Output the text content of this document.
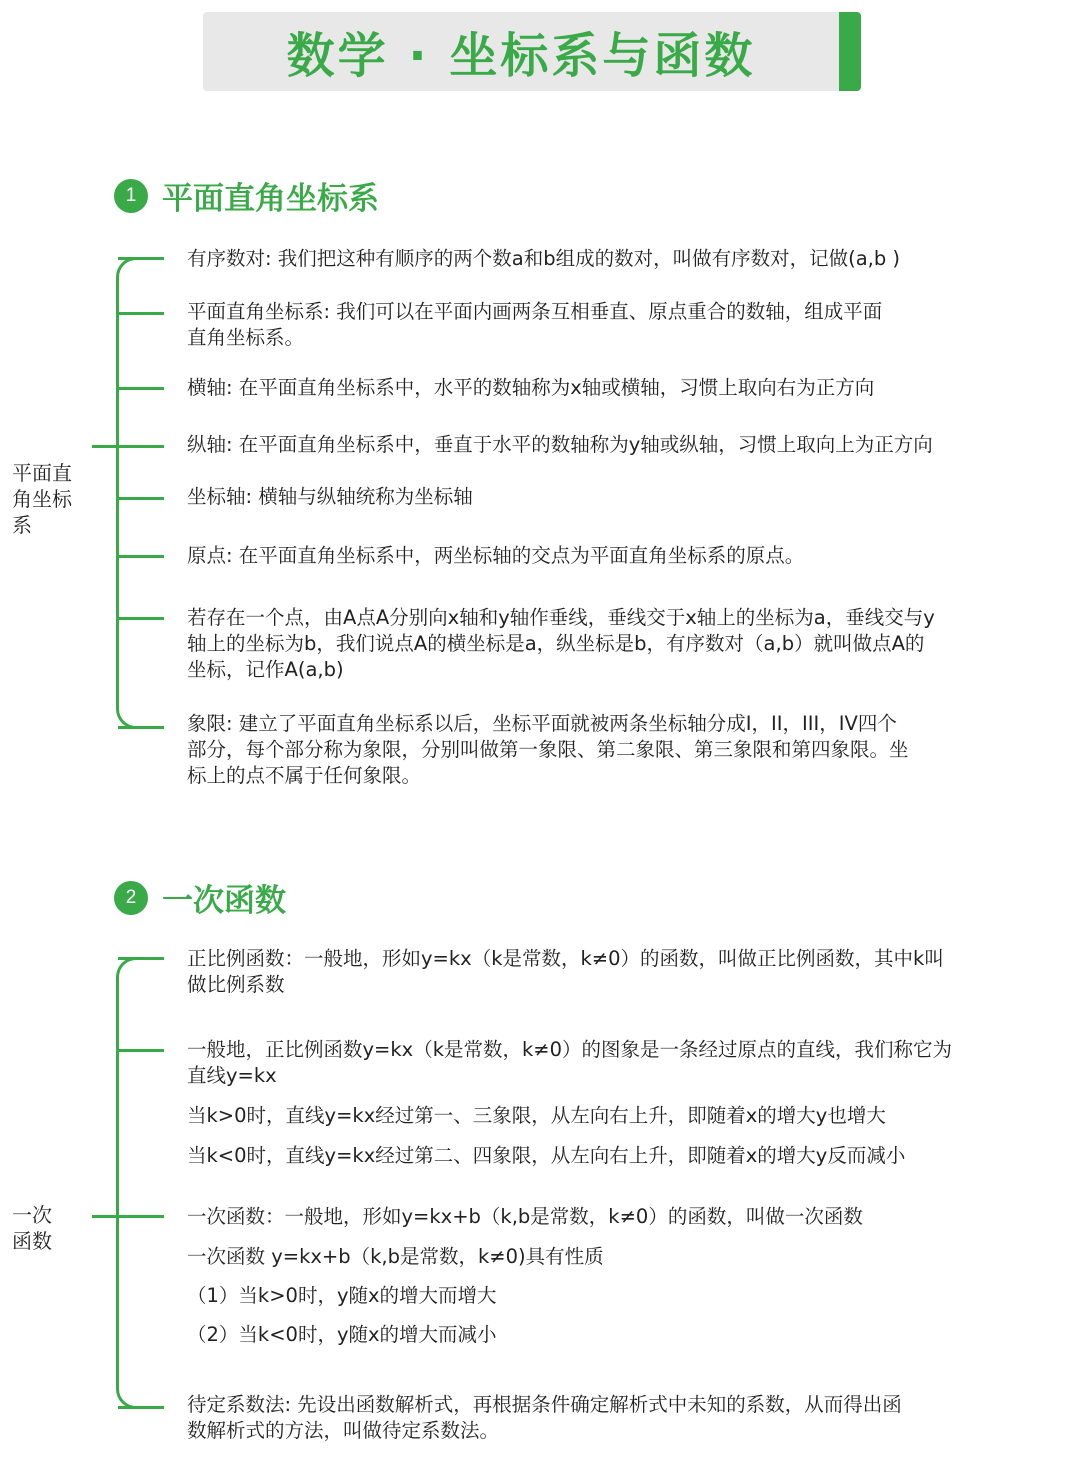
数学 · 坐标系与函数
1 平面直角坐标系
平面直
角坐标
系
有序数对: 我们把这种有顺序的两个数a和b组成的数对，叫做有序数对，记做(a,b )
平面直角坐标系: 我们可以在平面内画两条互相垂直、原点重合的数轴，组成平面
直角坐标系。
横轴: 在平面直角坐标系中，水平的数轴称为x轴或横轴，习惯上取向右为正方向
纵轴: 在平面直角坐标系中，垂直于水平的数轴称为y轴或纵轴，习惯上取向上为正方向
坐标轴: 横轴与纵轴统称为坐标轴
原点: 在平面直角坐标系中，两坐标轴的交点为平面直角坐标系的原点。
若存在一个点，由A点A分别向x轴和y轴作垂线，垂线交于x轴上的坐标为a，垂线交与y
轴上的坐标为b，我们说点A的横坐标是a，纵坐标是b，有序数对（a,b）就叫做点A的
坐标，记作A(a,b)
象限: 建立了平面直角坐标系以后，坐标平面就被两条坐标轴分成I，II，III，IV四个
部分，每个部分称为象限，分别叫做第一象限、第二象限、第三象限和第四象限。坐
标上的点不属于任何象限。
2 一次函数
一次
函数
正比例函数：一般地，形如y=kx（k是常数，k≠0）的函数，叫做正比例函数，其中k叫
做比例系数
一般地，正比例函数y=kx（k是常数，k≠0）的图象是一条经过原点的直线，我们称它为
直线y=kx
当k>0时，直线y=kx经过第一、三象限，从左向右上升，即随着x的增大y也增大
当k<0时，直线y=kx经过第二、四象限，从左向右上升，即随着x的增大y反而减小
一次函数：一般地，形如y=kx+b（k,b是常数，k≠0）的函数，叫做一次函数
一次函数 y=kx+b（k,b是常数，k≠0)具有性质
（1）当k>0时，y随x的增大而增大
（2）当k<0时，y随x的增大而减小
待定系数法: 先设出函数解析式，再根据条件确定解析式中未知的系数，从而得出函
数解析式的方法，叫做待定系数法。
